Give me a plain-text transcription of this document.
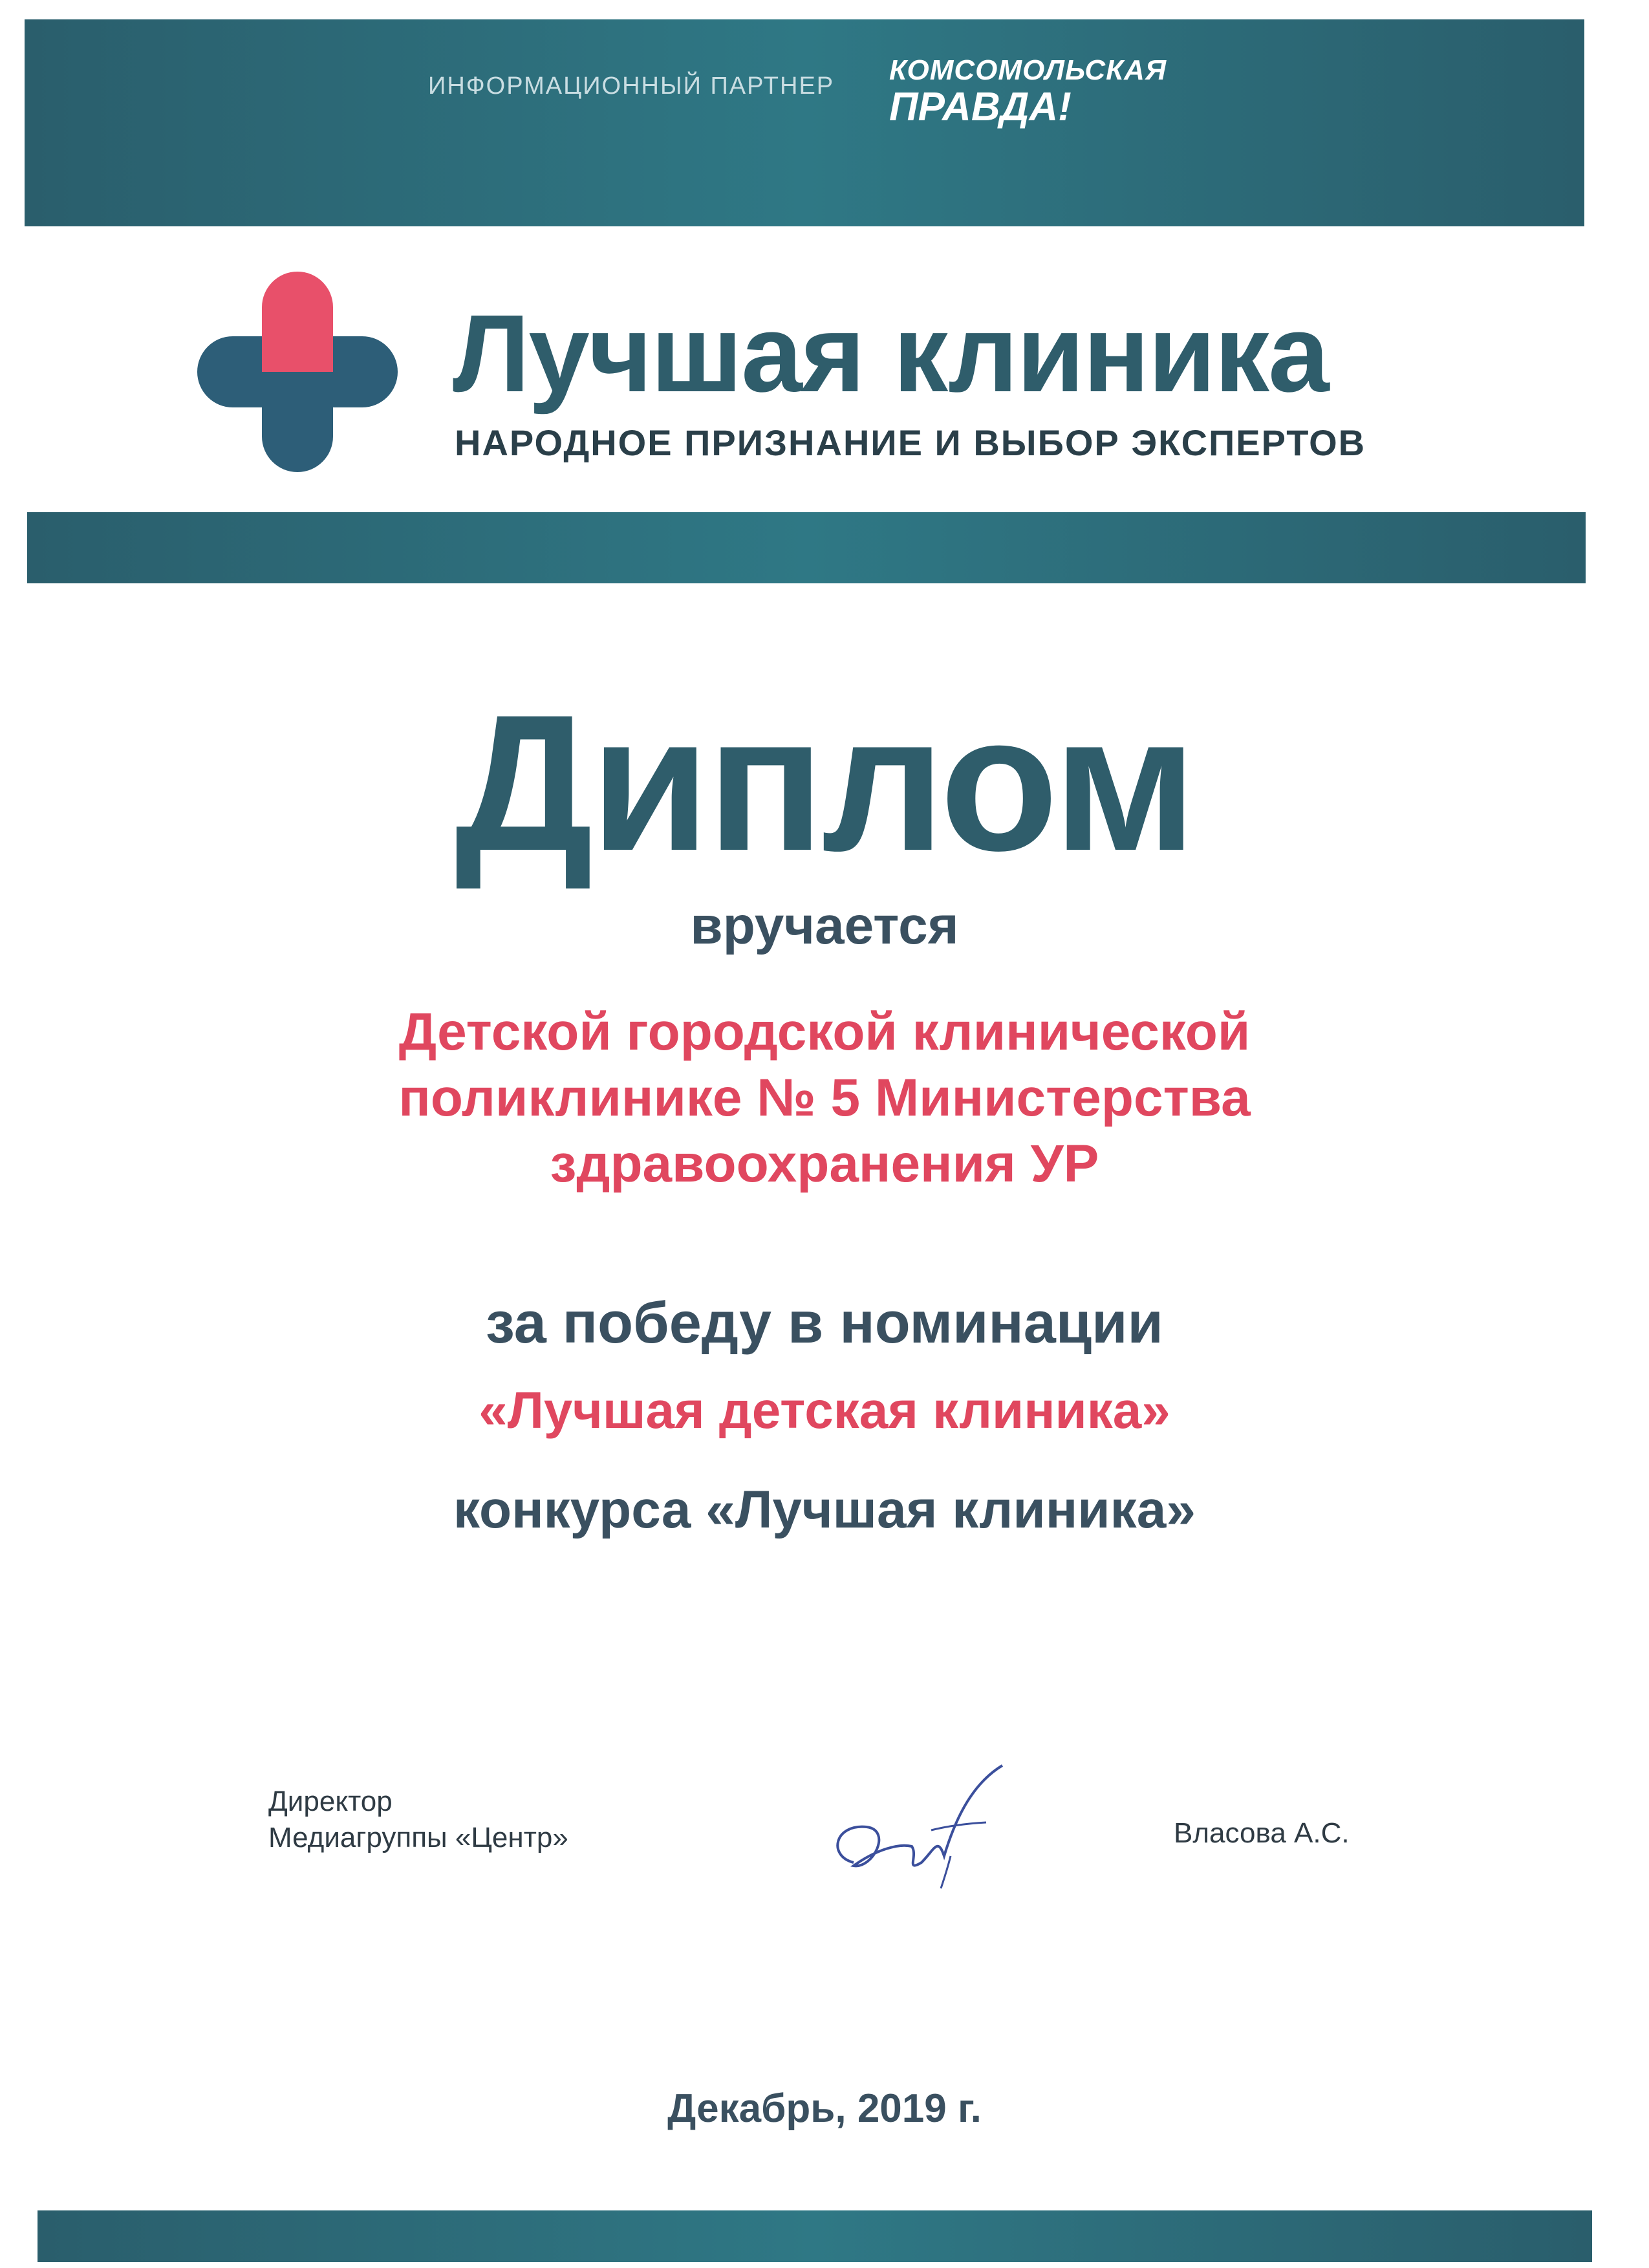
ИНФОРМАЦИОННЫЙ ПАРТНЕР КОМСОМОЛЬСКАЯ
ПРАВДА!
Лучшая клиника
НАРОДНОЕ ПРИЗНАНИЕ И ВЫБОР ЭКСПЕРТОВ
Диплом
вручается
Детской городской клинической
поликлинике № 5 Министерства
здравоохранения УР
за победу в номинации
«Лучшая детская клиника»
конкурса «Лучшая клиника»
Директор
Медиагруппы «Центр»	Власова А.С.
Декабрь, 2019 г.
